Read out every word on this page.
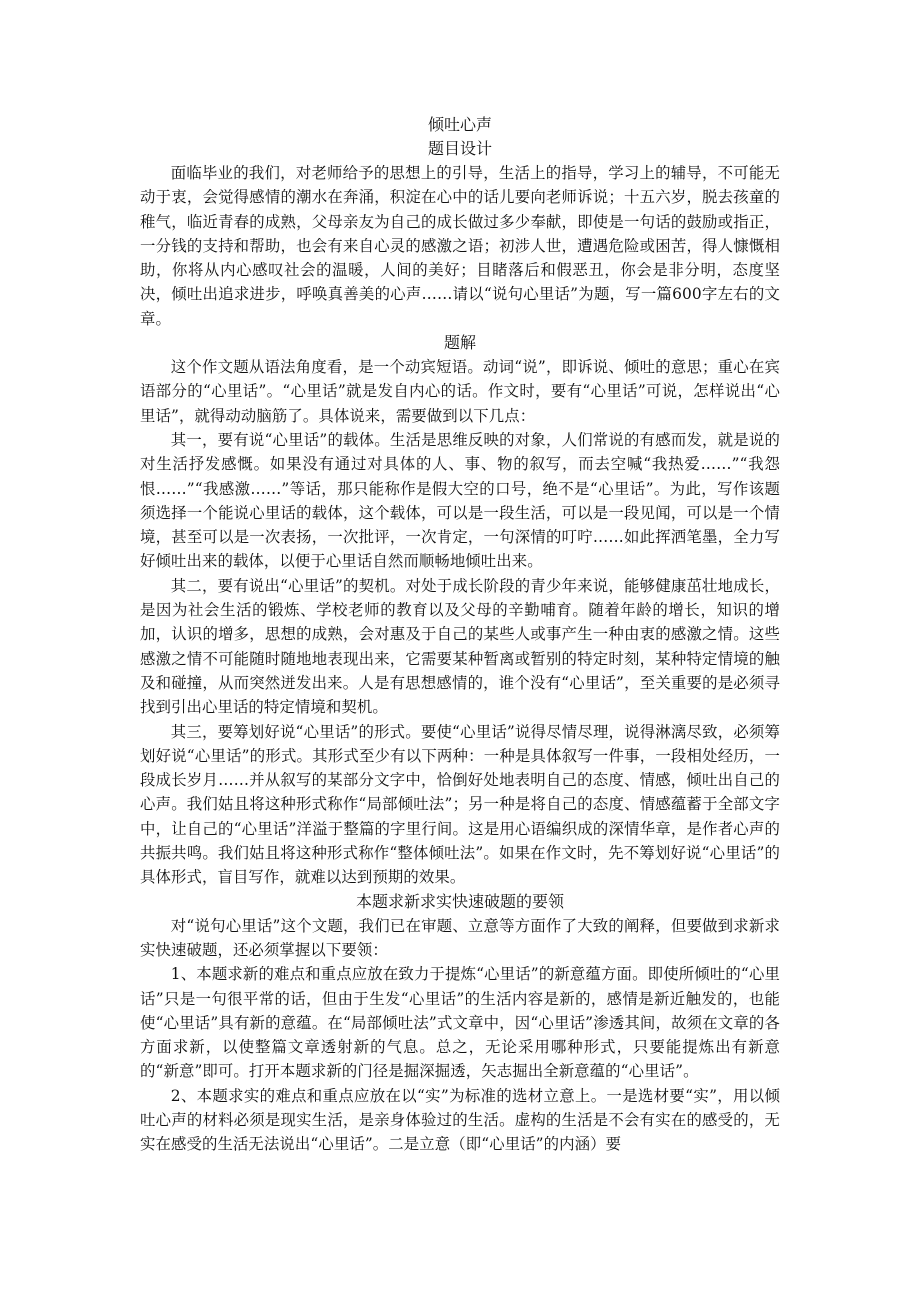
倾吐心声
题目设计

面临毕业的我们，对老师给予的思想上的引导，生活上的指导，学习上的辅导，不可能无动于衷，会觉得感情的潮水在奔涌，积淀在心中的话儿要向老师诉说；十五六岁，脱去孩童的稚气，临近青春的成熟，父母亲友为自己的成长做过多少奉献，即使是一句话的鼓励或指正，一分钱的支持和帮助，也会有来自心灵的感激之语；初涉人世，遭遇危险或困苦，得人慷慨相助，你将从内心感叹社会的温暖，人间的美好；目睹落后和假恶丑，你会是非分明，态度坚决，倾吐出追求进步，呼唤真善美的心声……请以“说句心里话”为题，写一篇600字左右的文章。

题解

这个作文题从语法角度看，是一个动宾短语。动词“说”，即诉说、倾吐的意思；重心在宾语部分的“心里话”。“心里话”就是发自内心的话。作文时，要有“心里话”可说，怎样说出“心里话”，就得动动脑筋了。具体说来，需要做到以下几点：

其一，要有说“心里话”的载体。生活是思维反映的对象，人们常说的有感而发，就是说的对生活抒发感慨。如果没有通过对具体的人、事、物的叙写，而去空喊“我热爱……”“我怨恨……”“我感激……”等话，那只能称作是假大空的口号，绝不是“心里话”。为此，写作该题须选择一个能说心里话的载体，这个载体，可以是一段生活，可以是一段见闻，可以是一个情境，甚至可以是一次表扬，一次批评，一次肯定，一句深情的叮咛……如此挥洒笔墨，全力写好倾吐出来的载体，以便于心里话自然而顺畅地倾吐出来。

其二，要有说出“心里话”的契机。对处于成长阶段的青少年来说，能够健康茁壮地成长，是因为社会生活的锻炼、学校老师的教育以及父母的辛勤哺育。随着年龄的增长，知识的增加，认识的增多，思想的成熟，会对惠及于自己的某些人或事产生一种由衷的感激之情。这些感激之情不可能随时随地地表现出来，它需要某种暂离或暂别的特定时刻，某种特定情境的触及和碰撞，从而突然迸发出来。人是有思想感情的，谁个没有“心里话”，至关重要的是必须寻找到引出心里话的特定情境和契机。

其三，要筹划好说“心里话”的形式。要使“心里话”说得尽情尽理，说得淋漓尽致，必须筹划好说“心里话”的形式。其形式至少有以下两种：一种是具体叙写一件事，一段相处经历，一段成长岁月……并从叙写的某部分文字中，恰倒好处地表明自己的态度、情感，倾吐出自己的心声。我们姑且将这种形式称作“局部倾吐法”；另一种是将自己的态度、情感蕴蓄于全部文字中，让自己的“心里话”洋溢于整篇的字里行间。这是用心语编织成的深情华章，是作者心声的共振共鸣。我们姑且将这种形式称作“整体倾吐法”。如果在作文时，先不筹划好说“心里话”的具体形式，盲目写作，就难以达到预期的效果。

本题求新求实快速破题的要领

对“说句心里话”这个文题，我们已在审题、立意等方面作了大致的阐释，但要做到求新求实快速破题，还必须掌握以下要领：

1、本题求新的难点和重点应放在致力于提炼“心里话”的新意蕴方面。即使所倾吐的“心里话”只是一句很平常的话，但由于生发“心里话”的生活内容是新的，感情是新近触发的，也能使“心里话”具有新的意蕴。在“局部倾吐法”式文章中，因“心里话”渗透其间，故须在文章的各方面求新，以使整篇文章透射新的气息。总之，无论采用哪种形式，只要能提炼出有新意的“新意”即可。打开本题求新的门径是掘深掘透，矢志掘出全新意蕴的“心里话”。

2、本题求实的难点和重点应放在以“实”为标准的选材立意上。一是选材要“实”，用以倾吐心声的材料必须是现实生活，是亲身体验过的生活。虚构的生活是不会有实在的感受的，无实在感受的生活无法说出“心里话”。二是立意（即“心里话”的内涵）要
